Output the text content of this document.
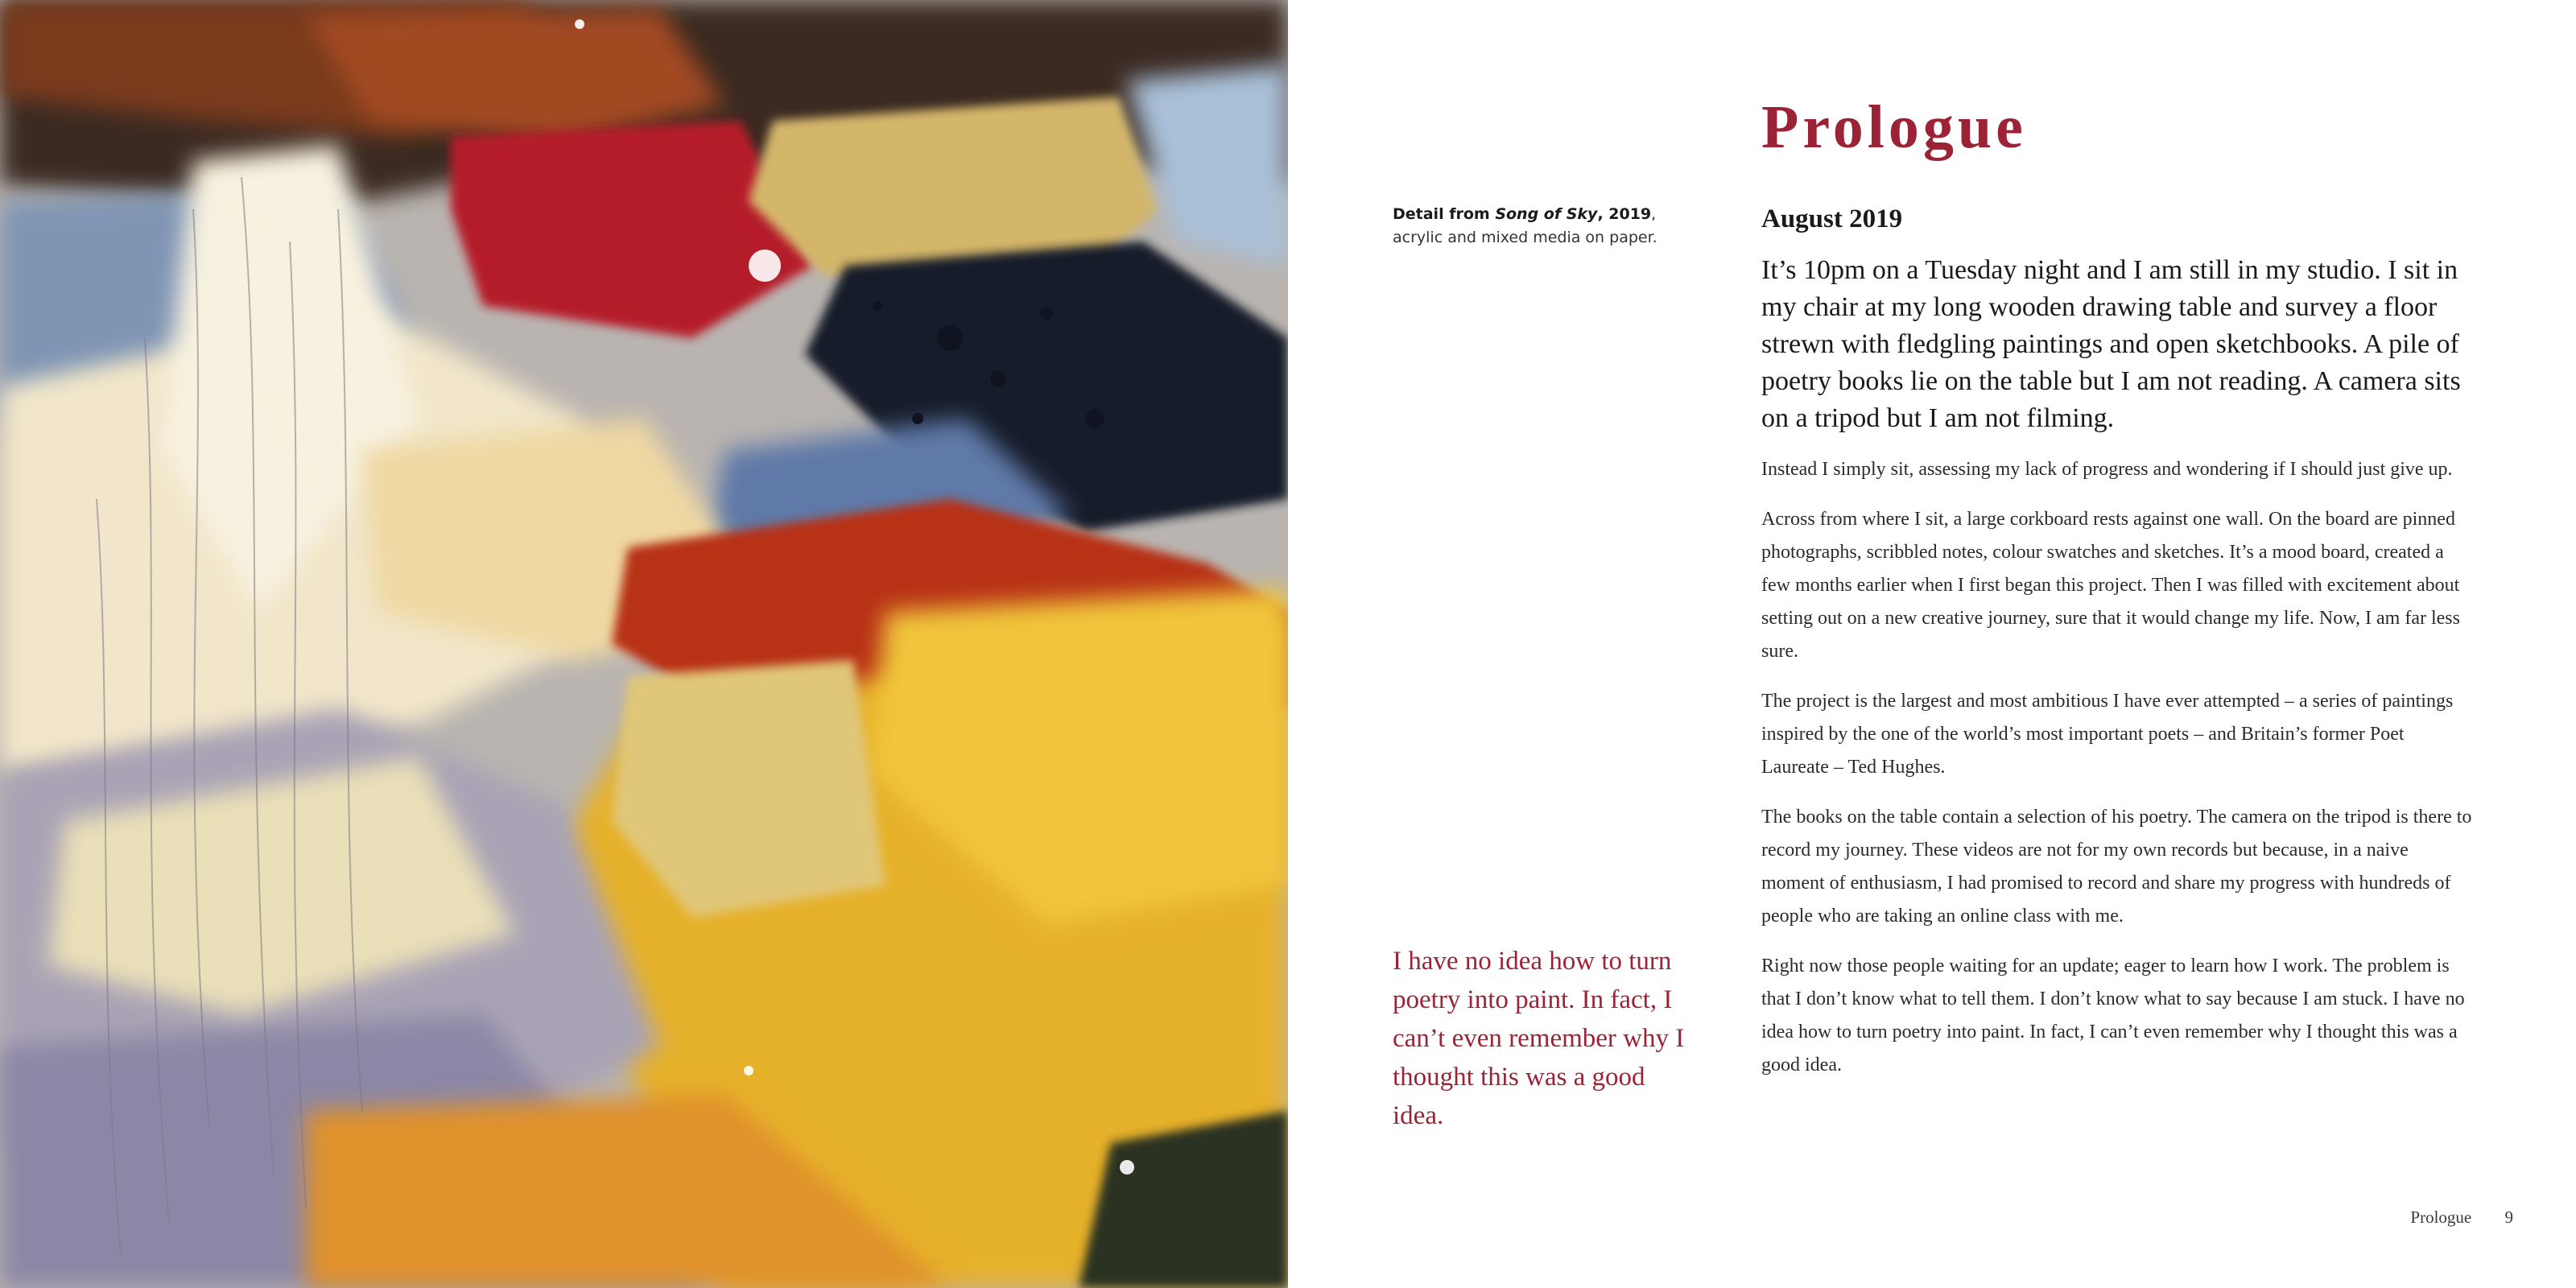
Detail from Song of Sky, 2019,
acrylic and mixed media on paper.
I have no idea how to turn poetry into paint. In fact, I can’t even remember why I thought this was a good idea.
Prologue
August 2019

It’s 10pm on a Tuesday night and I am still in my studio. I sit in my chair at my long wooden drawing table and survey a floor strewn with fledgling paintings and open sketchbooks. A pile of poetry books lie on the table but I am not reading. A camera sits on a tripod but I am not filming.

Instead I simply sit, assessing my lack of progress and wondering if I should just give up.

Across from where I sit, a large corkboard rests against one wall. On the board are pinned photographs, scribbled notes, colour swatches and sketches. It’s a mood board, created a few months earlier when I first began this project. Then I was filled with excitement about setting out on a new creative journey, sure that it would change my life. Now, I am far less sure.

The project is the largest and most ambitious I have ever attempted – a series of paintings inspired by the one of the world’s most important poets – and Britain’s former Poet Laureate – Ted Hughes.

The books on the table contain a selection of his poetry. The camera on the tripod is there to record my journey. These videos are not for my own records but because, in a naive moment of enthusiasm, I had promised to record and share my progress with hundreds of people who are taking an online class with me.

Right now those people waiting for an update; eager to learn how I work. The problem is that I don’t know what to tell them. I don’t know what to say because I am stuck. I have no idea how to turn poetry into paint. In fact, I can’t even remember why I thought this was a good idea.

Prologue 9
